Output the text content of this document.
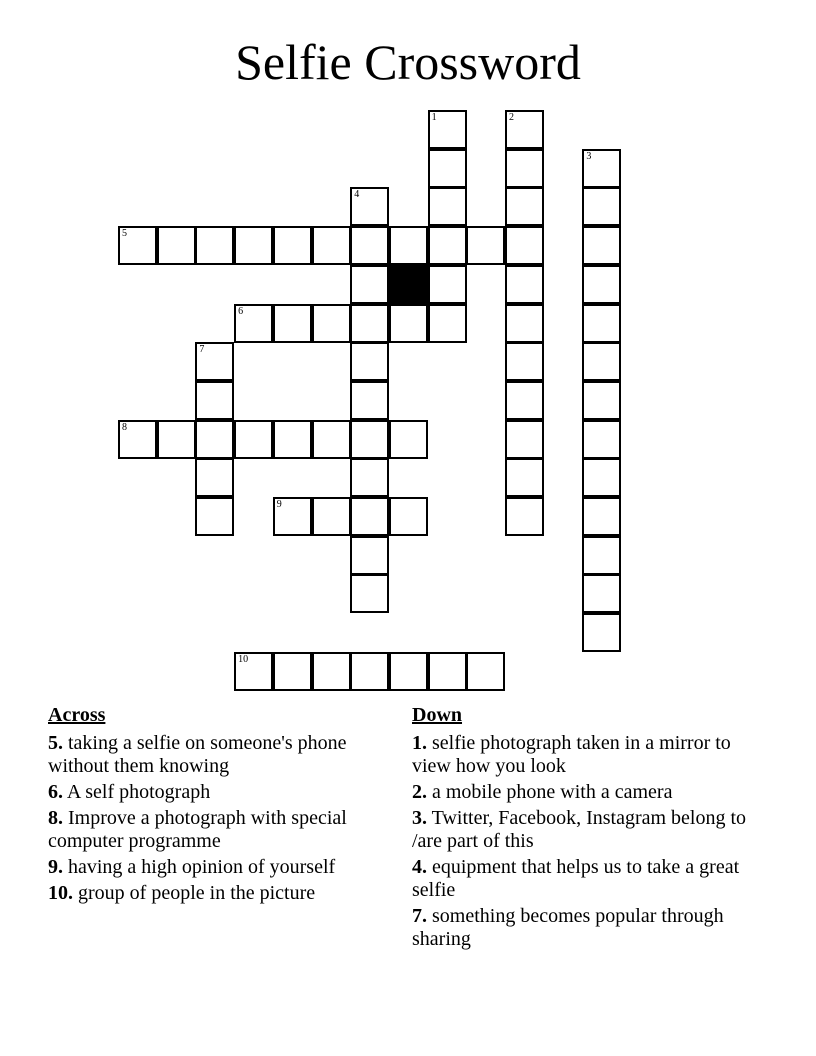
Selfie Crossword
1	2
3
4
5
6
7
8
9
10
Across
5. taking a selfie on someone's phone without them knowing
6. A self photograph
8. Improve a photograph with special computer programme
9. having a high opinion of yourself
10. group of people in the picture
Down
1. selfie photograph taken in a mirror to view how you look
2. a mobile phone with a camera
3. Twitter, Facebook, Instagram belong to /are part of this
4. equipment that helps us to take a great selfie
7. something becomes popular through sharing
